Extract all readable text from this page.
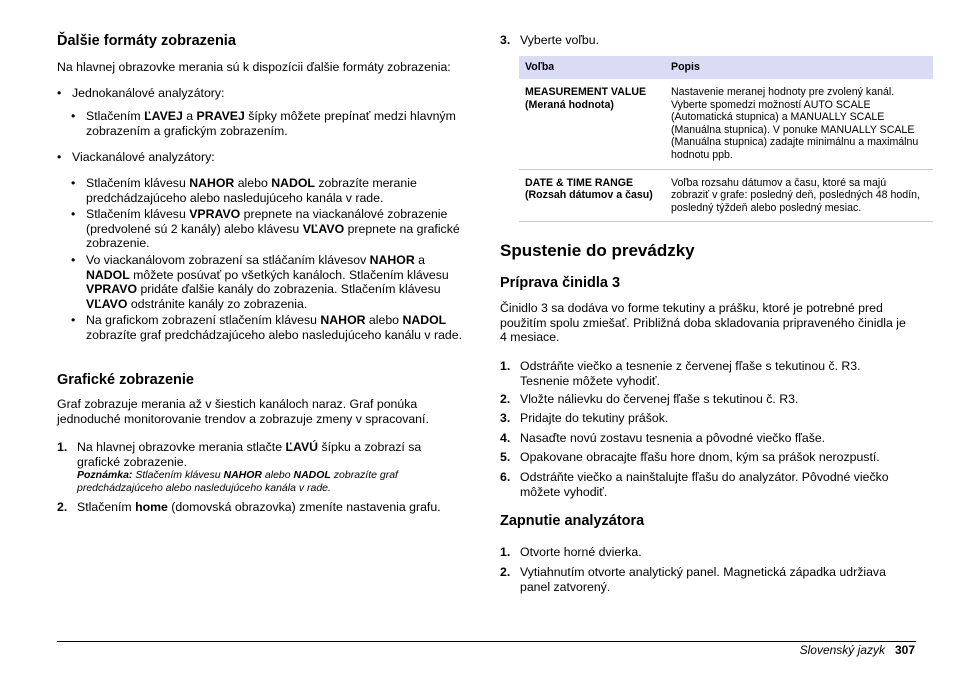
Ďalšie formáty zobrazenia

Na hlavnej obrazovke merania sú k dispozícii ďalšie formáty zobrazenia:

• Jednokanálové analyzátory:
• Stlačením ĽAVEJ a PRAVEJ šípky môžete prepínať medzi hlavným zobrazením a grafickým zobrazením.
• Viackanálové analyzátory:
• Stlačením klávesu NAHOR alebo NADOL zobrazíte meranie predchádzajúceho alebo nasledujúceho kanála v rade.
• Stlačením klávesu VPRAVO prepnete na viackanálové zobrazenie (predvolené sú 2 kanály) alebo klávesu VĽAVO prepnete na grafické zobrazenie.
• Vo viackanálovom zobrazení sa stláčaním klávesov NAHOR a NADOL môžete posúvať po všetkých kanáloch. Stlačením klávesu VPRAVO pridáte ďalšie kanály do zobrazenia. Stlačením klávesu VĽAVO odstránite kanály zo zobrazenia.
• Na grafickom zobrazení stlačením klávesu NAHOR alebo NADOL zobrazíte graf predchádzajúceho alebo nasledujúceho kanálu v rade.
Grafické zobrazenie

Graf zobrazuje merania až v šiestich kanáloch naraz. Graf ponúka jednoduché monitorovanie trendov a zobrazuje zmeny v spracovaní.

1. Na hlavnej obrazovke merania stlačte ĽAVÚ šípku a zobrazí sa grafické zobrazenie.
Poznámka: Stlačením klávesu NAHOR alebo NADOL zobrazíte graf predchádzajúceho alebo nasledujúceho kanála v rade.
2. Stlačením home (domovská obrazovka) zmeníte nastavenia grafu.
3. Vyberte voľbu.
Voľba	Popis

MEASUREMENT VALUE
(Meraná hodnota)	Nastavenie meranej hodnoty pre zvolený kanál. Vyberte spomedzi možností AUTO SCALE (Automatická stupnica) a MANUALLY SCALE (Manuálna stupnica). V ponuke MANUALLY SCALE (Manuálna stupnica) zadajte minimálnu a maximálnu hodnotu ppb.

DATE & TIME RANGE
(Rozsah dátumov a času)	Voľba rozsahu dátumov a času, ktoré sa majú zobraziť v grafe: posledný deň, posledných 48 hodín, posledný týždeň alebo posledný mesiac.
Spustenie do prevádzky
Príprava činidla 3

Činidlo 3 sa dodáva vo forme tekutiny a prášku, ktoré je potrebné pred použitím spolu zmiešať. Približná doba skladovania pripraveného činidla je 4 mesiace.

1. Odstráňte viečko a tesnenie z červenej fľaše s tekutinou č. R3. Tesnenie môžete vyhodiť.
2. Vložte nálievku do červenej fľaše s tekutinou č. R3.
3. Pridajte do tekutiny prášok.
4. Nasaďte novú zostavu tesnenia a pôvodné viečko fľaše.
5. Opakovane obracajte fľašu hore dnom, kým sa prášok nerozpustí.
6. Odstráňte viečko a nainštalujte fľašu do analyzátor. Pôvodné viečko môžete vyhodiť.
Zapnutie analyzátora
1. Otvorte horné dvierka.
2. Vytiahnutím otvorte analytický panel. Magnetická západka udržiava panel zatvorený.
Slovenský jazyk 307
